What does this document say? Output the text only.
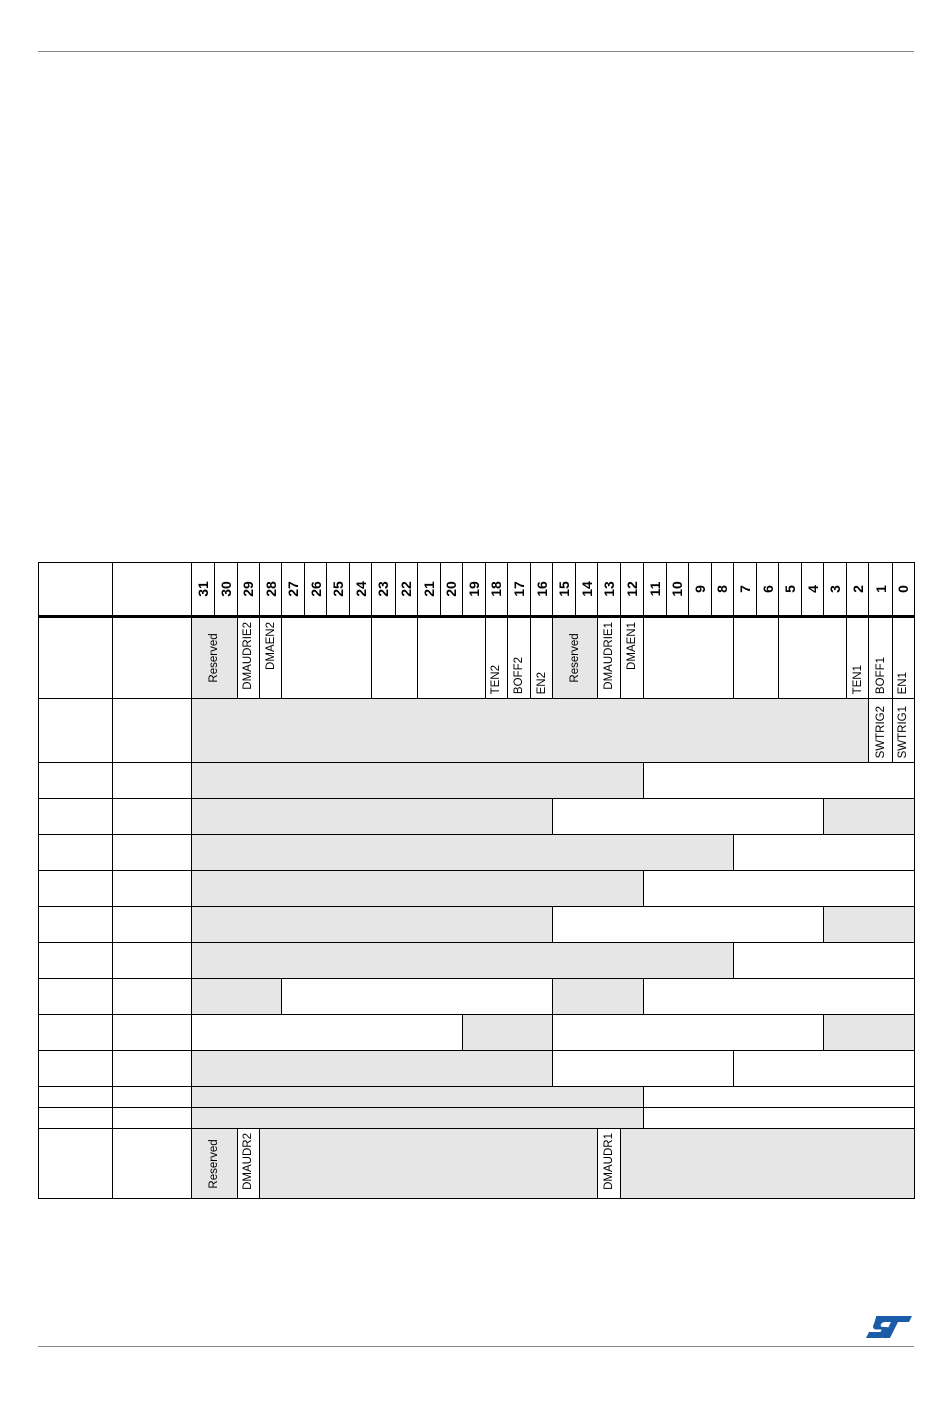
		31	30	29	28	27	26	25	24	23	22	21	20	19	18	17	16	15	14	13	12	11	10	9	8	7	6	5	4	3	2	1	0

		Reserved		DMAUDRIE2	DMAEN2										TEN2	BOFF2	EN2	Reserved		DMAUDRIE1	DMAEN1										TEN1	BOFF1	EN1

																																SWTRIG2	SWTRIG1

		Reserved		DMAUDR2																DMAUDR1													
